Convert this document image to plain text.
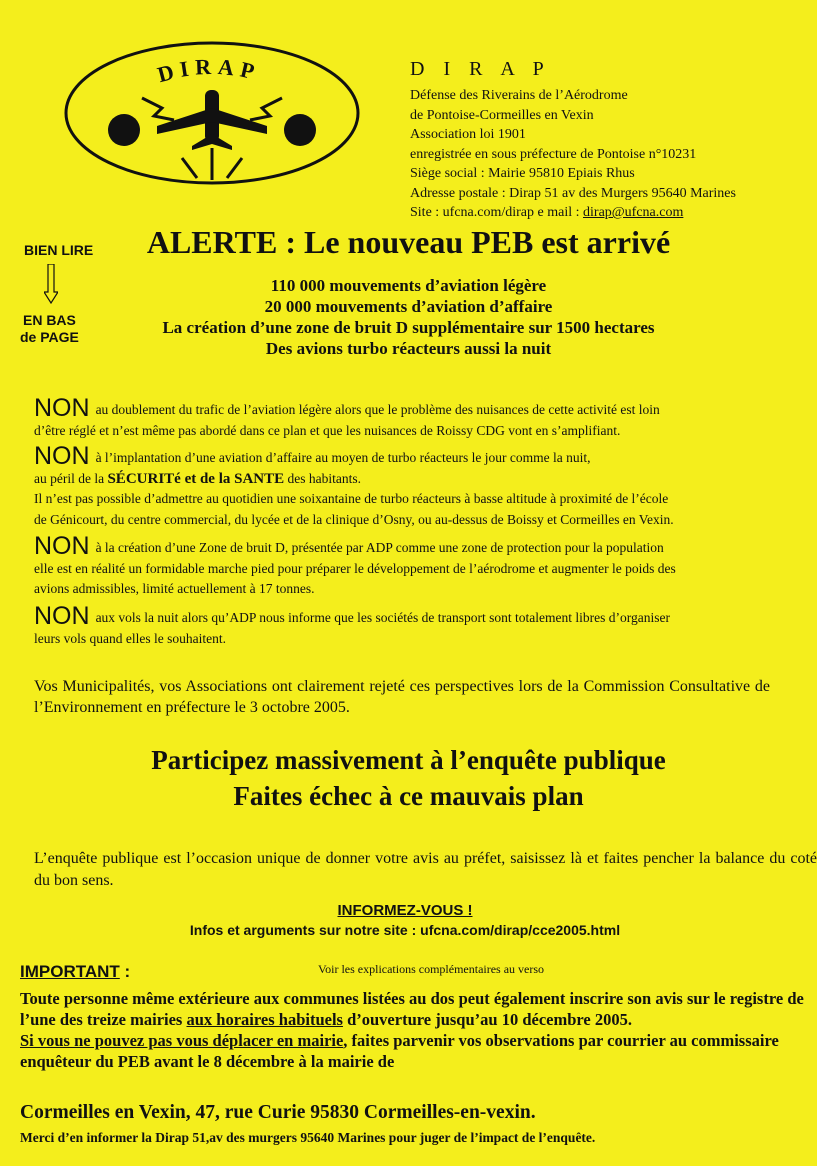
DIRAP	D I R A P
Défense des Riverains de l’Aérodrome
de Pontoise-Cormeilles en Vexin
Association loi 1901
enregistrée en sous préfecture de Pontoise n°10231
Siège social : Mairie 95810 Epiais Rhus
Adresse postale : Dirap 51 av des Murgers 95640 Marines
Site : ufcna.com/dirap e mail : dirap@ufcna.com
BIEN LIRE
EN BAS
de PAGE
ALERTE : Le nouveau PEB est arrivé
110 000 mouvements d’aviation légère
20 000 mouvements d’aviation d’affaire
La création d’une zone de bruit D supplémentaire sur 1500 hectares
Des avions turbo réacteurs aussi la nuit
NON au doublement du trafic de l’aviation légère alors que le problème des nuisances de cette activité est loin
d’être réglé et n’est même pas abordé dans ce plan et que les nuisances de Roissy CDG vont en s’amplifiant.
NON à l’implantation d’une aviation d’affaire au moyen de turbo réacteurs le jour comme la nuit,
au péril de la SÉCURITé et de la SANTE des habitants.
Il n’est pas possible d’admettre au quotidien une soixantaine de turbo réacteurs à basse altitude à proximité de l’école
de Génicourt, du centre commercial, du lycée et de la clinique d’Osny, ou au-dessus de Boissy et Cormeilles en Vexin.
NON à la création d’une Zone de bruit D, présentée par ADP comme une zone de protection pour la population
elle est en réalité un formidable marche pied pour préparer le développement de l’aérodrome et augmenter le poids des
avions admissibles, limité actuellement à 17 tonnes.
NON aux vols la nuit alors qu’ADP nous informe que les sociétés de transport sont totalement libres d’organiser
leurs vols quand elles le souhaitent.
Vos Municipalités, vos Associations ont clairement rejeté ces perspectives lors de la Commission Consultative de l’Environnement en préfecture le 3 octobre 2005.
Participez massivement à l’enquête publique
Faites échec à ce mauvais plan
L’enquête publique est l’occasion unique de donner votre avis au préfet, saisissez là et faites pencher la balance du coté du bon sens.
INFORMEZ-VOUS !
Infos et arguments sur notre site : ufcna.com/dirap/cce2005.html
IMPORTANT :	Voir les explications complémentaires au verso
Toute personne même extérieure aux communes listées au dos peut également inscrire son avis sur le registre de l’une des treize mairies aux horaires habituels d’ouverture jusqu’au 10 décembre 2005.
Si vous ne pouvez pas vous déplacer en mairie, faites parvenir vos observations par courrier au commissaire enquêteur du PEB avant le 8 décembre à la mairie de
Cormeilles en Vexin, 47, rue Curie 95830 Cormeilles-en-vexin.
Merci d’en informer la Dirap 51,av des murgers 95640 Marines pour juger de l’impact de l’enquête.
